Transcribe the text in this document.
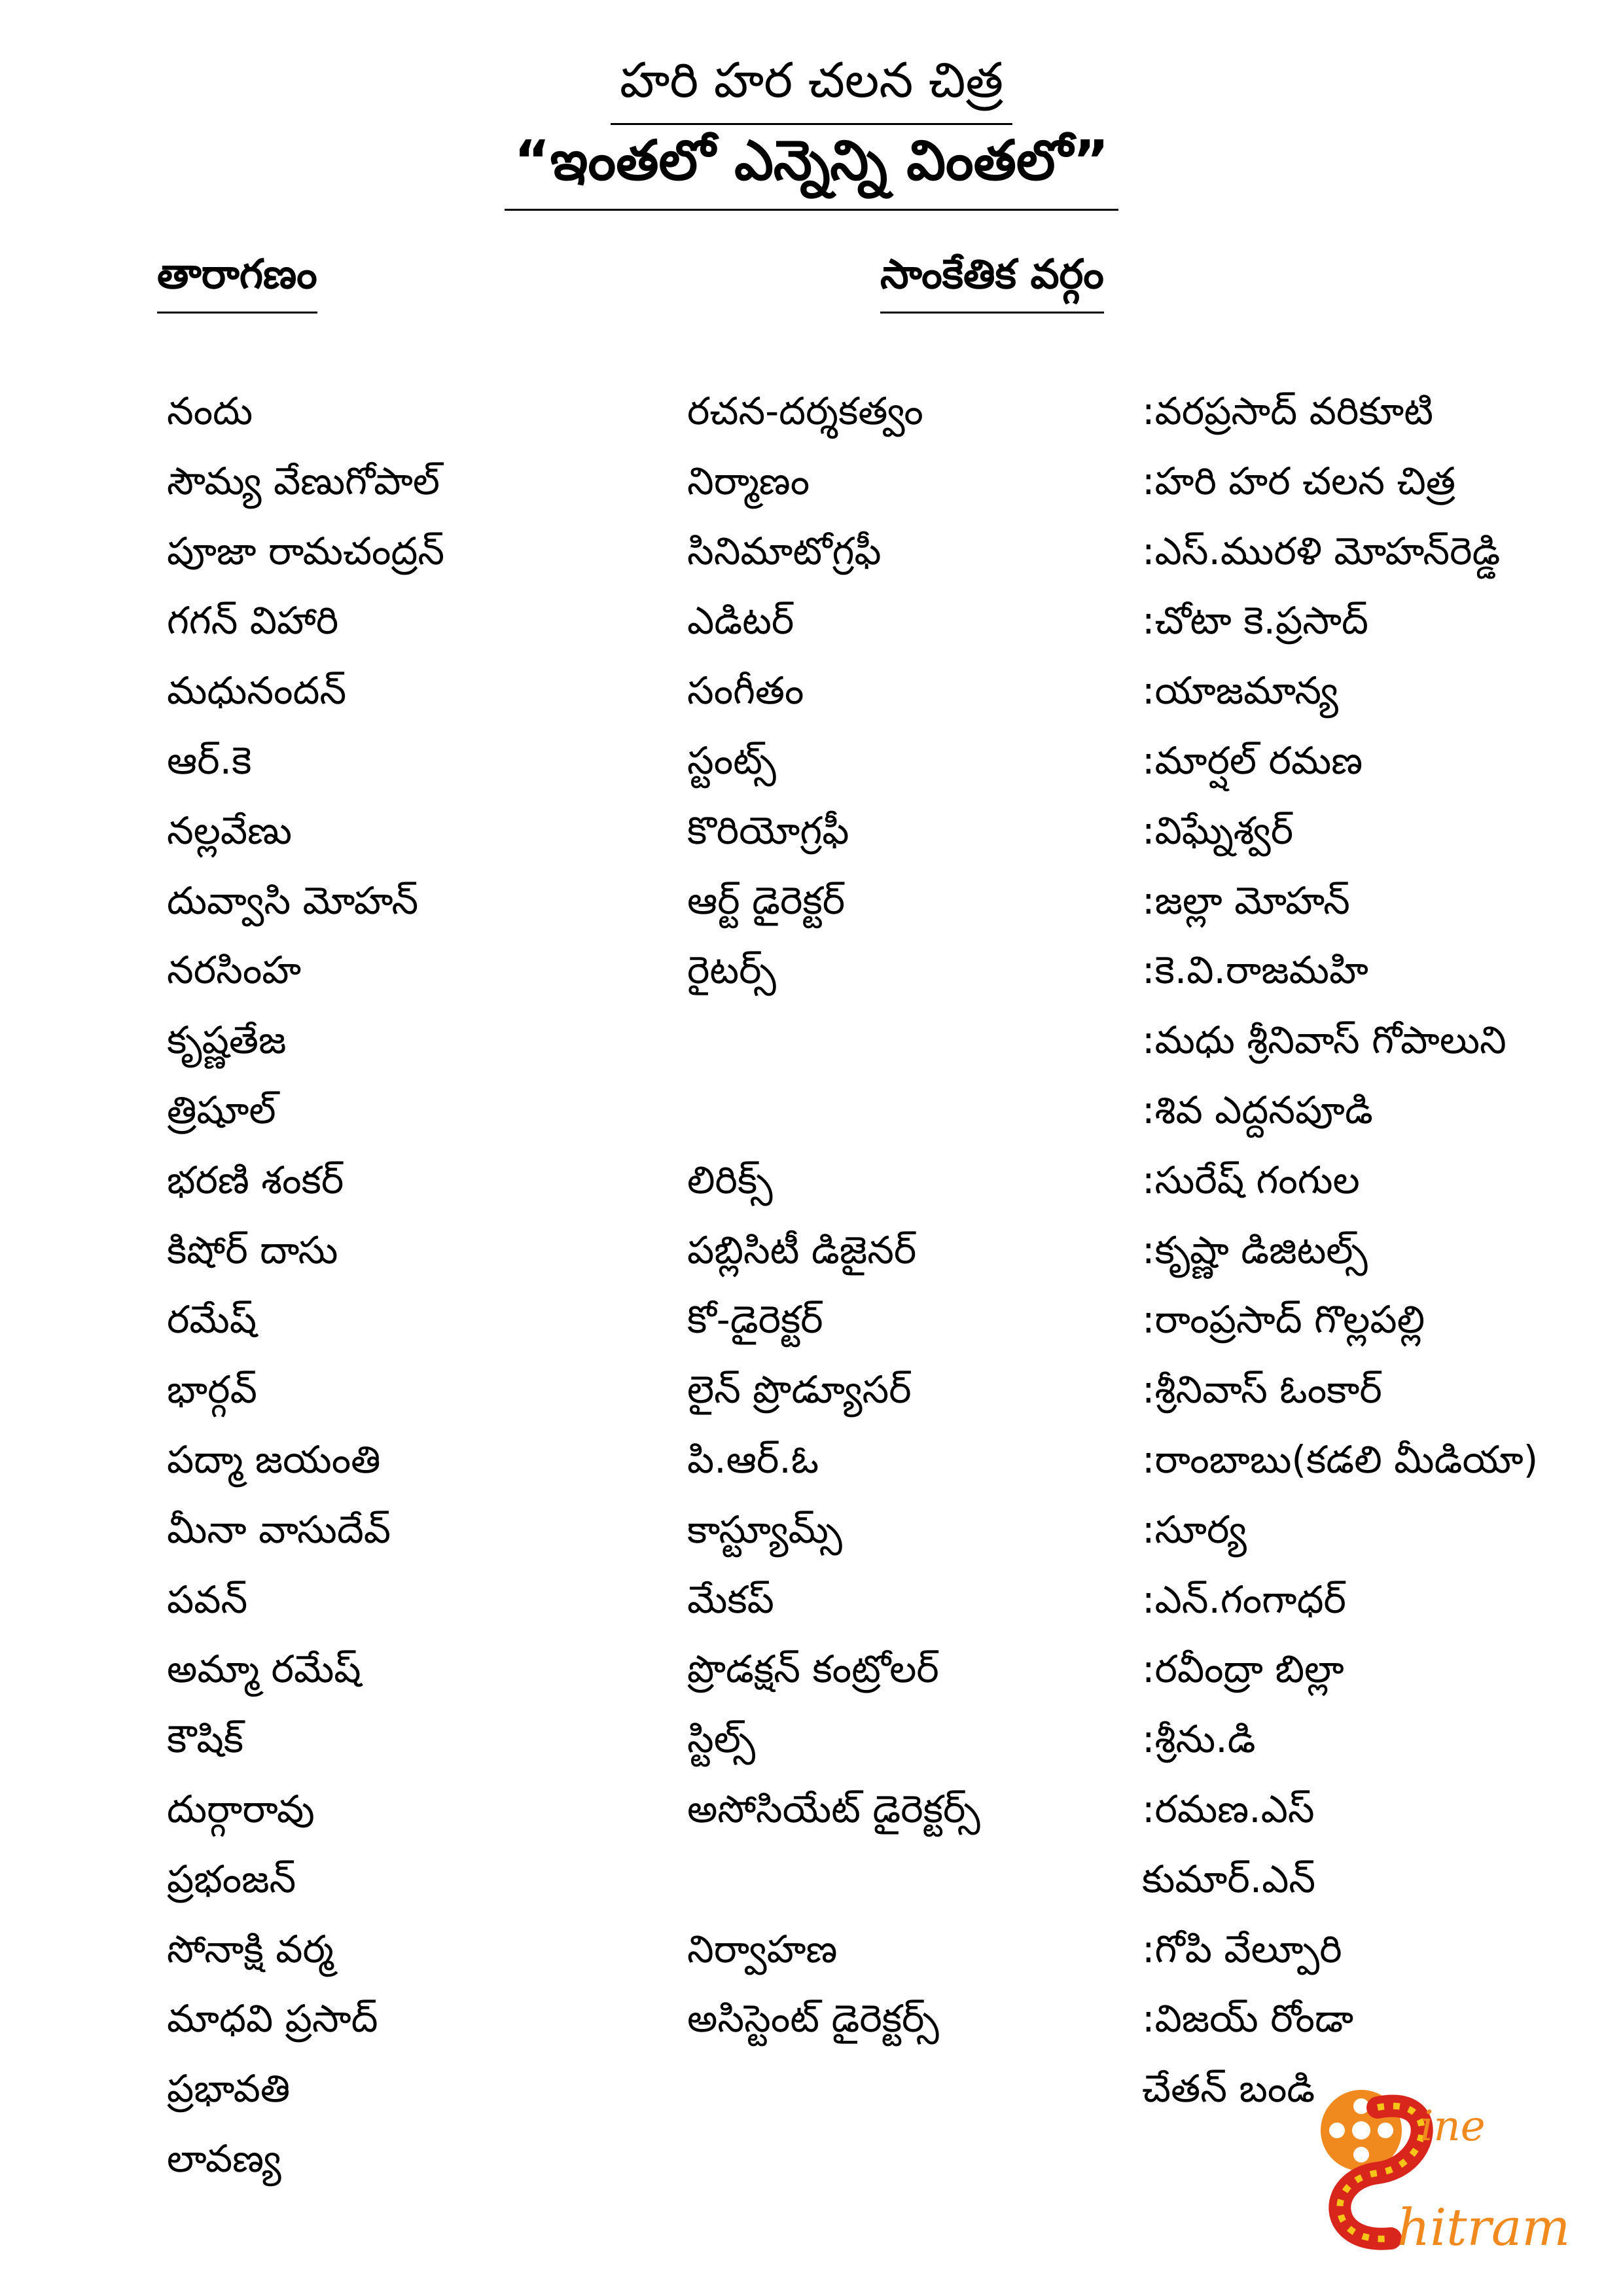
హరి హర చలన చిత్ర
“ఇంతలో ఎన్నెన్ని వింతలో”
తారాగణం	సాంకేతిక వర్గం
నందు
సౌమ్య వేణుగోపాల్
పూజా రామచంద్రన్
గగన్ విహారి
మధునందన్
ఆర్.కె
నల్లవేణు
దువ్వాసి మోహన్
నరసింహ
కృష్ణతేజ
త్రిషూల్
భరణి శంకర్
కిషోర్ దాసు
రమేష్
భార్గవ్
పద్మా జయంతి
మీనా వాసుదేవ్
పవన్
అమ్మా రమేష్
కౌషిక్
దుర్గారావు
ప్రభంజన్
సోనాక్షి వర్మ
మాధవి ప్రసాద్
ప్రభావతి
లావణ్య
రచన-దర్శకత్వం
నిర్మాణం
సినిమాటోగ్రఫీ
ఎడిటర్
సంగీతం
స్టంట్స్
కొరియోగ్రఫీ
ఆర్ట్ డైరెక్టర్
రైటర్స్
లిరిక్స్
పబ్లిసిటీ డిజైనర్
కో-డైరెక్టర్
లైన్ ప్రొడ్యూసర్
పి.ఆర్.ఓ
కాస్ట్యూమ్స్
మేకప్
ప్రొడక్షన్ కంట్రోలర్
స్టిల్స్
అసోసియేట్ డైరెక్టర్స్
నిర్వాహణ
అసిస్టెంట్ డైరెక్టర్స్
:వరప్రసాద్ వరికూటి
:హరి హర చలన చిత్ర
:ఎస్.మురళి మోహన్‌రెడ్డి
:చోటా కె.ప్రసాద్
:యాజమాన్య
:మార్షల్ రమణ
:విఘ్నేశ్వర్
:జల్లా మోహన్
:కె.వి.రాజమహి
:మధు శ్రీనివాస్ గోపాలుని
:శివ ఎద్దనపూడి
:సురేష్ గంగుల
:కృష్ణా డిజిటల్స్
:రాంప్రసాద్ గొల్లపల్లి
:శ్రీనివాస్ ఓంకార్
:రాంబాబు(కడలి మీడియా)
:సూర్య
:ఎన్.గంగాధర్
:రవీంద్రా బిల్లా
:శ్రీను.డి
:రమణ.ఎస్
కుమార్.ఎన్
:గోపి వేల్పూరి
:విజయ్ రోండా
చేతన్ బండి
ine
hitram
